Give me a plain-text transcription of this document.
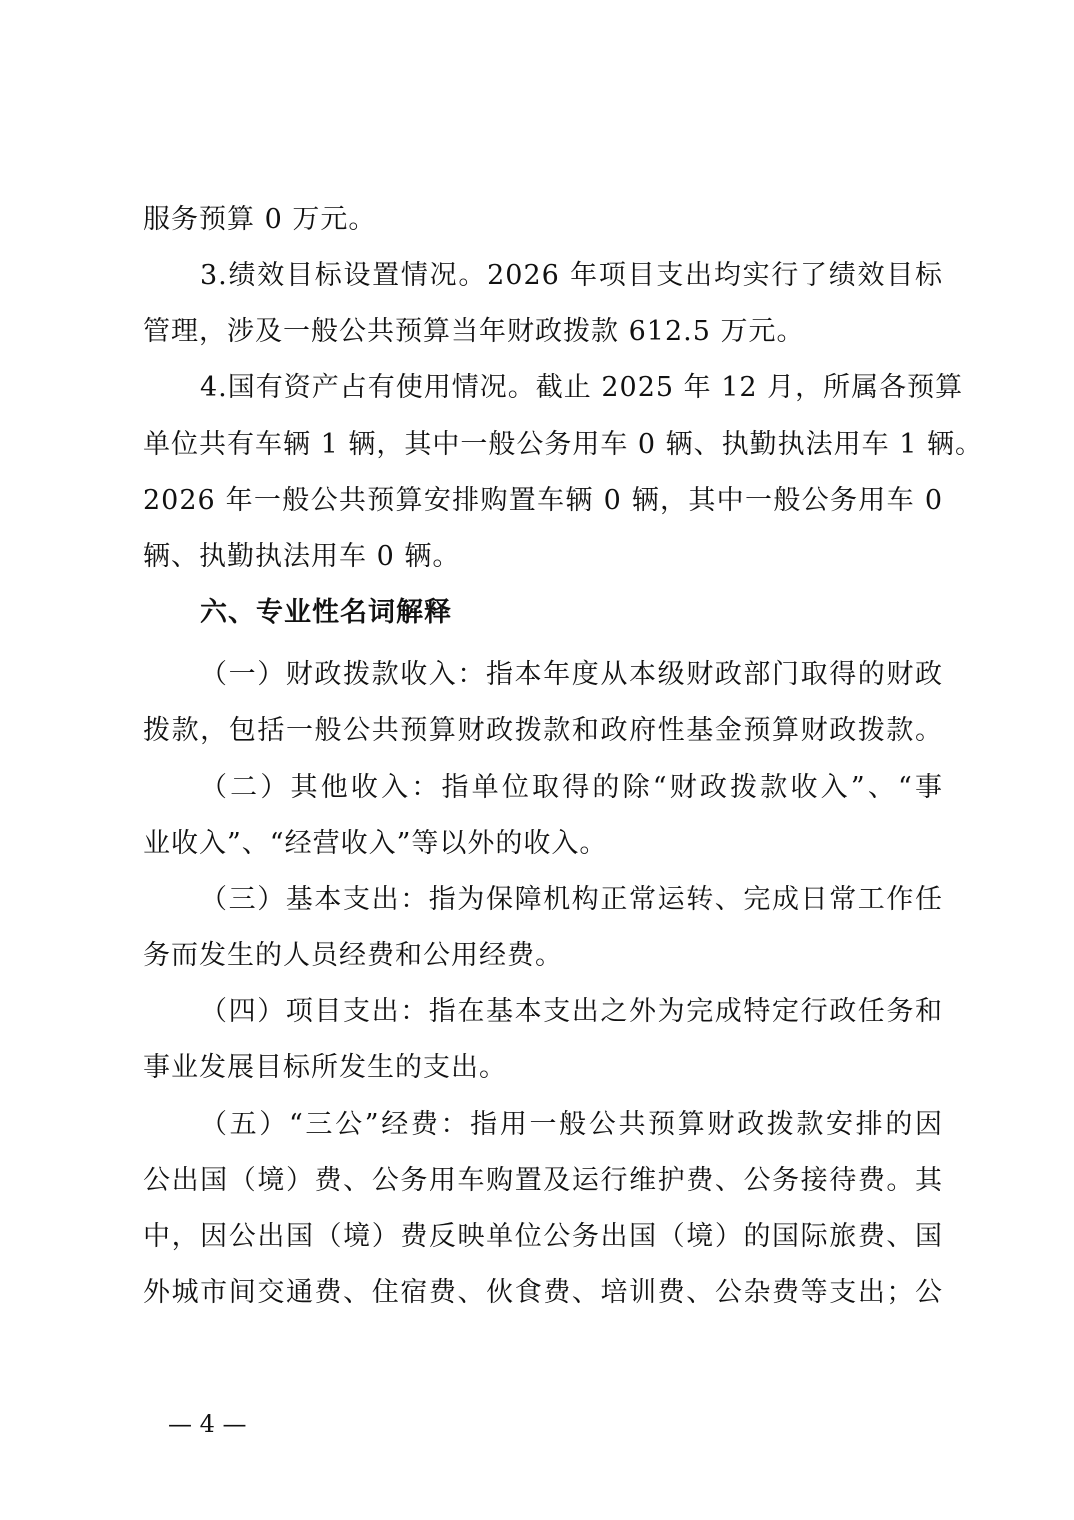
服务预算 0 万元。
3.绩效目标设置情况。2026 年项目支出均实行了绩效目标
管理，涉及一般公共预算当年财政拨款 612.5 万元。
4.国有资产占有使用情况。截止 2025 年 12 月，所属各预算
单位共有车辆 1 辆，其中一般公务用车 0 辆、执勤执法用车 1 辆。
2026 年一般公共预算安排购置车辆 0 辆，其中一般公务用车 0
辆、执勤执法用车 0 辆。
六、专业性名词解释
（一）财政拨款收入：指本年度从本级财政部门取得的财政
拨款，包括一般公共预算财政拨款和政府性基金预算财政拨款。
（二）其他收入：指单位取得的除“财政拨款收入”、“事
业收入”、“经营收入”等以外的收入。
（三）基本支出：指为保障机构正常运转、完成日常工作任
务而发生的人员经费和公用经费。
（四）项目支出：指在基本支出之外为完成特定行政任务和
事业发展目标所发生的支出。
（五）“三公”经费：指用一般公共预算财政拨款安排的因
公出国（境）费、公务用车购置及运行维护费、公务接待费。其
中，因公出国（境）费反映单位公务出国（境）的国际旅费、国
外城市间交通费、住宿费、伙食费、培训费、公杂费等支出；公
— 4 —
